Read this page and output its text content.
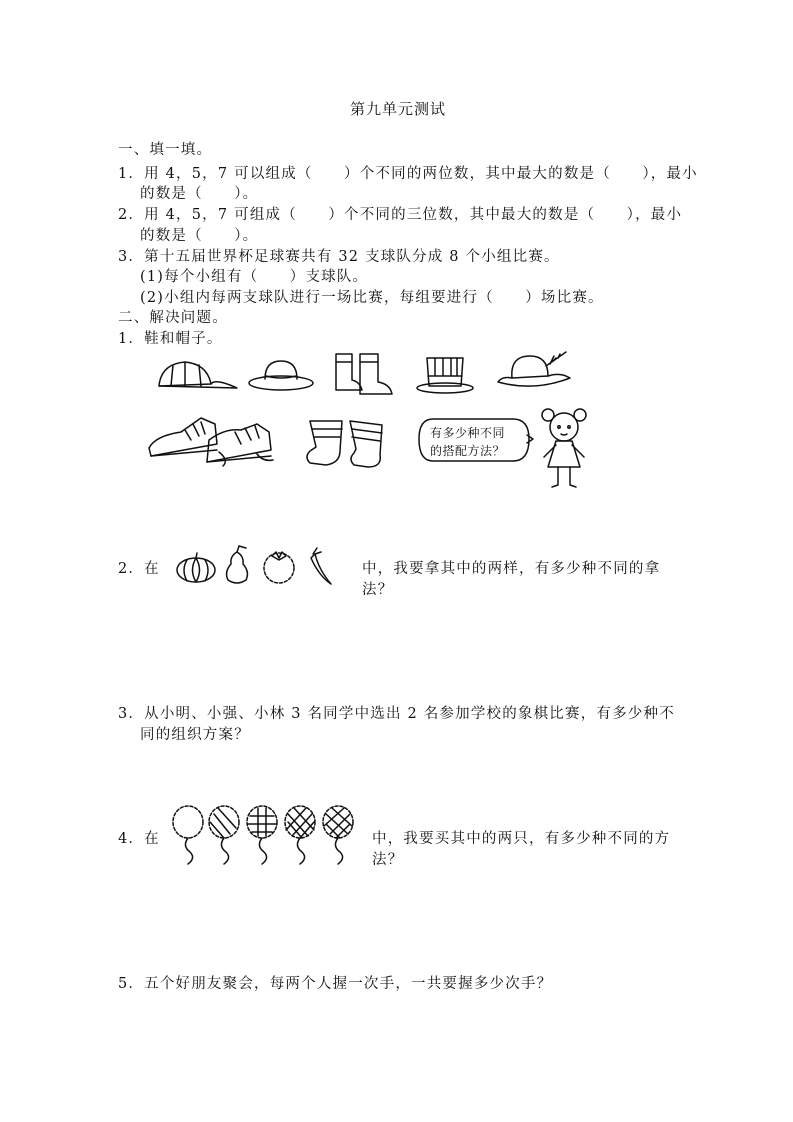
第九单元测试
一、填一填。
1．用 4，5，7 可以组成（　　）个不同的两位数，其中最大的数是（　　），最小
的数是（　　）。
2．用 4，5，7 可组成（　　）个不同的三位数，其中最大的数是（　　），最小
的数是（　　）。
3．第十五届世界杯足球赛共有 32 支球队分成 8 个小组比赛。
(1)每个小组有（　　）支球队。
(2)小组内每两支球队进行一场比赛，每组要进行（　　）场比赛。
二、解决问题。
1．鞋和帽子。
有多少种不同
的搭配方法？
2．在	中，我要拿其中的两样，有多少种不同的拿
法？
3．从小明、小强、小林 3 名同学中选出 2 名参加学校的象棋比赛，有多少种不
同的组织方案？
4．在	中，我要买其中的两只，有多少种不同的方
法？
5．五个好朋友聚会，每两个人握一次手，一共要握多少次手？
